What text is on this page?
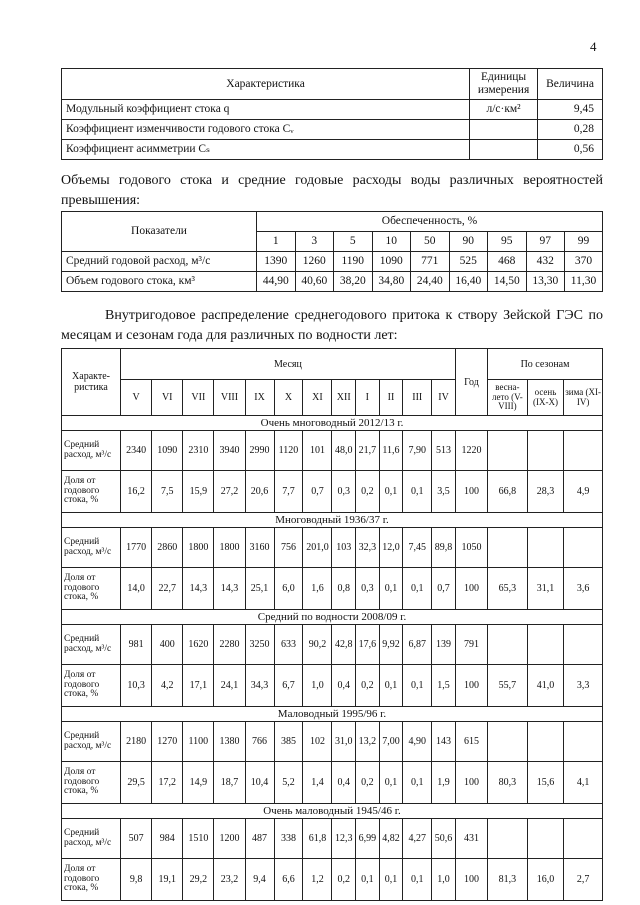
4
Характеристика	Единицы измерения	Величина
Модульный коэффициент стока q	л/с·км²	9,45
Коэффициент изменчивости годового стока Cᵥ		0,28
Коэффициент асимметрии Cₛ		0,56

Объемы годового стока и средние годовые расходы воды различных вероятностей превышения:

Показатели	Обеспеченность, %								
	1	3	5	10	50	90	95	97	99
Средний годовой расход, м³/с	1390	1260	1190	1090	771	525	468	432	370
Объем годового стока, км³	44,90	40,60	38,20	34,80	24,40	16,40	14,50	13,30	11,30

Внутригодовое распределение среднегодового притока к створу Зейской ГЭС по месяцам и сезонам года для различных по водности лет:

Характе-ристика	Месяц												Год	По сезонам		
	V	VI	VII	VIII	IX	X	XI	XII	I	II	III	IV		весна-лето (V-VIII)	осень (IX-X)	зима (XI-IV)
Очень многоводный 2012/13 г.																
Средний расход, м³/с	2340	1090	2310	3940	2990	1120	101	48,0	21,7	11,6	7,90	513	1220			
Доля от годового стока, %	16,2	7,5	15,9	27,2	20,6	7,7	0,7	0,3	0,2	0,1	0,1	3,5	100	66,8	28,3	4,9
Многоводный 1936/37 г.																
Средний расход, м³/с	1770	2860	1800	1800	3160	756	201,0	103	32,3	12,0	7,45	89,8	1050			
Доля от годового стока, %	14,0	22,7	14,3	14,3	25,1	6,0	1,6	0,8	0,3	0,1	0,1	0,7	100	65,3	31,1	3,6
Средний по водности 2008/09 г.																
Средний расход, м³/с	981	400	1620	2280	3250	633	90,2	42,8	17,6	9,92	6,87	139	791			
Доля от годового стока, %	10,3	4,2	17,1	24,1	34,3	6,7	1,0	0,4	0,2	0,1	0,1	1,5	100	55,7	41,0	3,3
Маловодный 1995/96 г.																
Средний расход, м³/с	2180	1270	1100	1380	766	385	102	31,0	13,2	7,00	4,90	143	615			
Доля от годового стока, %	29,5	17,2	14,9	18,7	10,4	5,2	1,4	0,4	0,2	0,1	0,1	1,9	100	80,3	15,6	4,1
Очень маловодный 1945/46 г.																
Средний расход, м³/с	507	984	1510	1200	487	338	61,8	12,3	6,99	4,82	4,27	50,6	431			
Доля от годового стока, %	9,8	19,1	29,2	23,2	9,4	6,6	1,2	0,2	0,1	0,1	0,1	1,0	100	81,3	16,0	2,7
